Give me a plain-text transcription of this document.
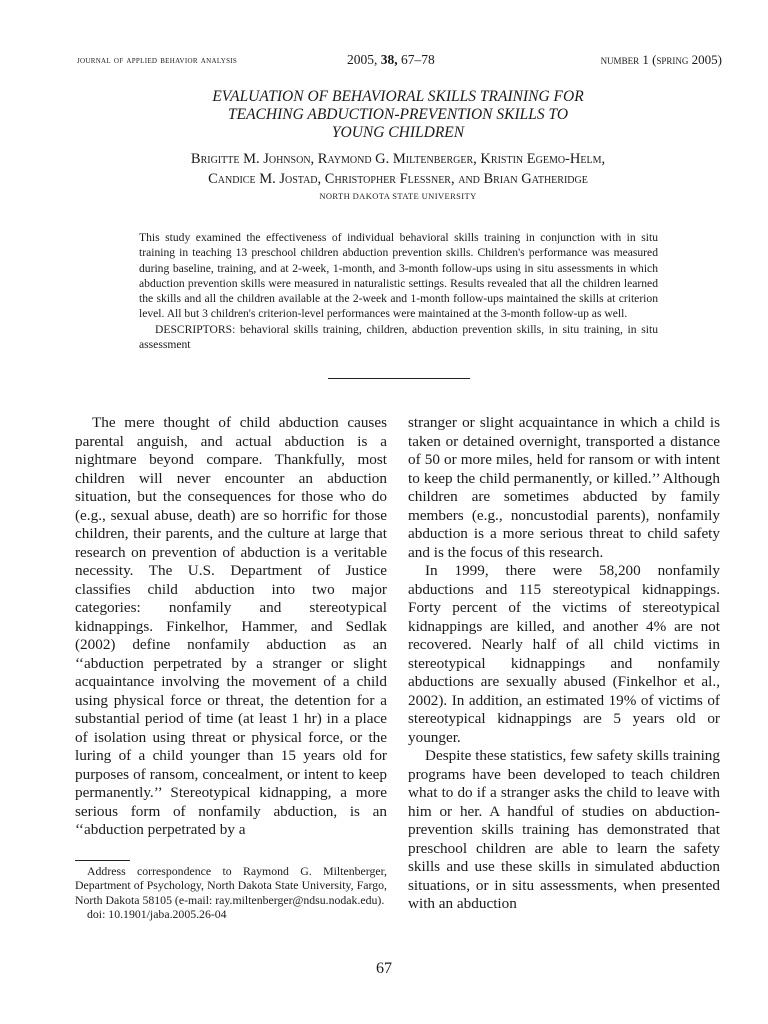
journal of applied behavior analysis	2005, 38, 67–78	number 1 (spring 2005)
EVALUATION OF BEHAVIORAL SKILLS TRAINING FOR
TEACHING ABDUCTION-PREVENTION SKILLS TO
YOUNG CHILDREN
Brigitte M. Johnson, Raymond G. Miltenberger, Kristin Egemo-Helm,
Candice M. Jostad, Christopher Flessner, and Brian Gatheridge
NORTH DAKOTA STATE UNIVERSITY

This study examined the effectiveness of individual behavioral skills training in conjunction with in situ training in teaching 13 preschool children abduction prevention skills. Children's performance was measured during baseline, training, and at 2-week, 1-month, and 3-month follow-ups using in situ assessments in which abduction prevention skills were measured in naturalistic settings. Results revealed that all the children learned the skills and all the children available at the 2-week and 1-month follow-ups maintained the skills at criterion level. All but 3 children's criterion-level performances were maintained at the 3-month follow-up as well.

DESCRIPTORS: behavioral skills training, children, abduction prevention skills, in situ training, in situ assessment

The mere thought of child abduction causes parental anguish, and actual abduction is a nightmare beyond compare. Thankfully, most children will never encounter an abduction situation, but the consequences for those who do (e.g., sexual abuse, death) are so horrific for those children, their parents, and the culture at large that research on prevention of abduction is a veritable necessity. The U.S. Department of Justice classifies child abduction into two major categories: nonfamily and stereotypical kidnappings. Finkelhor, Hammer, and Sedlak (2002) define nonfamily abduction as an ‘‘abduction perpetrated by a stranger or slight acquaintance involving the movement of a child using physical force or threat, the detention for a substantial period of time (at least 1 hr) in a place of isolation using threat or physical force, or the luring of a child younger than 15 years old for purposes of ransom, concealment, or intent to keep permanently.’’ Stereotypical kidnapping, a more serious form of nonfamily abduction, is an ‘‘abduction perpetrated by a

stranger or slight acquaintance in which a child is taken or detained overnight, transported a distance of 50 or more miles, held for ransom or with intent to keep the child permanently, or killed.’’ Although children are sometimes abducted by family members (e.g., noncustodial parents), nonfamily abduction is a more serious threat to child safety and is the focus of this research.

In 1999, there were 58,200 nonfamily abductions and 115 stereotypical kidnappings. Forty percent of the victims of stereotypical kidnappings are killed, and another 4% are not recovered. Nearly half of all child victims in stereotypical kidnappings and nonfamily abductions are sexually abused (Finkelhor et al., 2002). In addition, an estimated 19% of victims of stereotypical kidnappings are 5 years old or younger.

Despite these statistics, few safety skills training programs have been developed to teach children what to do if a stranger asks the child to leave with him or her. A handful of studies on abduction-prevention skills training has demonstrated that preschool children are able to learn the safety skills and use these skills in simulated abduction situations, or in situ assessments, when presented with an abduction

Address correspondence to Raymond G. Miltenberger, Department of Psychology, North Dakota State University, Fargo, North Dakota 58105 (e-mail: ray.miltenberger@ndsu.nodak.edu).

doi: 10.1901/jaba.2005.26-04

67
